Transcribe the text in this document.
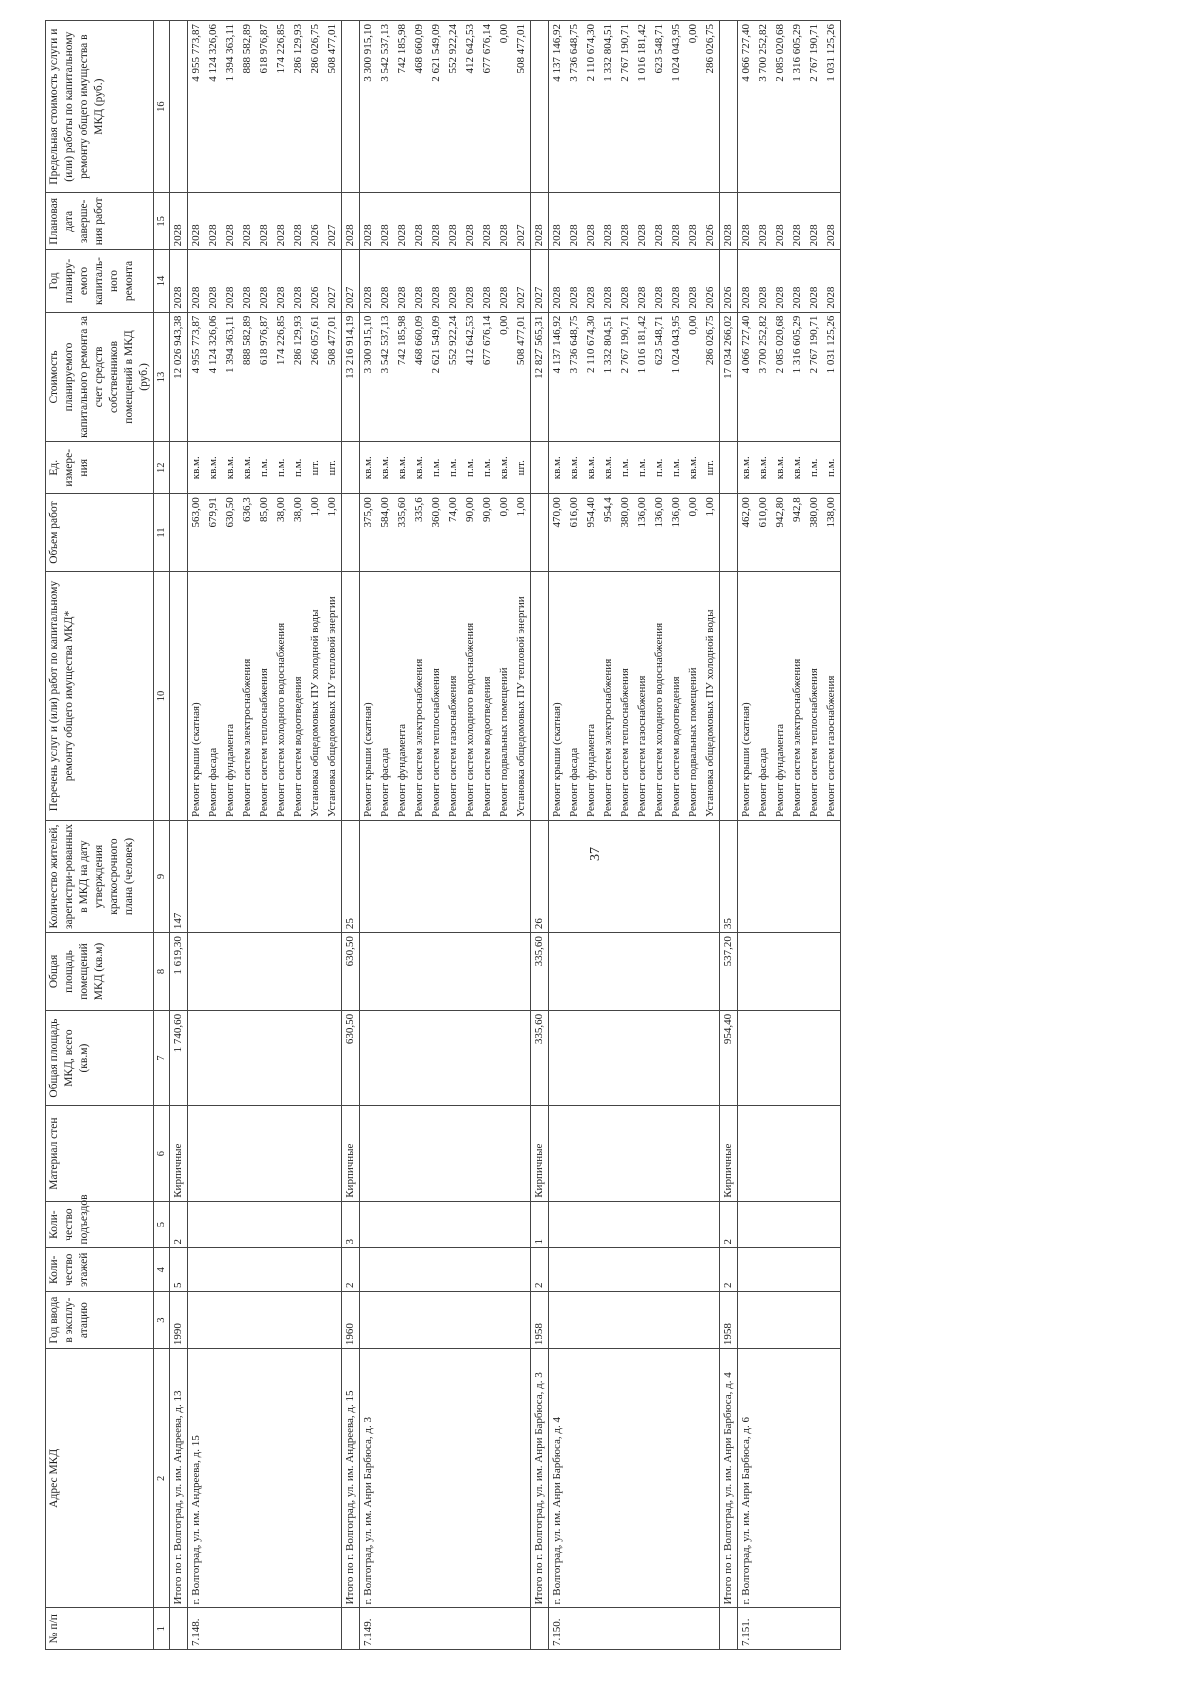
37
№ п/п	Адрес МКД	Год ввода в эксплу-атацию	Коли-чество этажей	Коли-чество подъездов	Материал стен	Общая площадь МКД, всего (кв.м)	Общая площадь помещений МКД (кв.м)	Количество жителей, зарегистри-рованных в МКД на дату утверждения краткосрочного плана (человек)	Перечень услуг и (или) работ по капитальному ремонту общего имущества МКД*	Объем работ	Ед. измере-ния	Стоимость планируемого капитального ремонта за счет средств собственников помещений в МКД (руб.)	Год планиру-емого капиталь-ного ремонта	Плановая дата заверше-ния работ	Предельная стоимость услуги и (или) работы по капитальному ремонту общего имущества в МКД (руб.)
1	2	3	4	5	6	7	8	9	10	11	12	13	14	15	16
	Итого по г. Волгоград, ул. им. Андреева, д. 13	1990	5	2	Кирпичные	1 740,60	1 619,30	147				12 026 943,38	2028	2028	
7.148.	г. Волгоград, ул. им. Андреева, д. 15								Ремонт крыши (скатная)	563,00	кв.м.	4 955 773,87	2028	2028	4 955 773,87
									Ремонт фасада	679,91	кв.м.	4 124 326,06	2028	2028	4 124 326,06
									Ремонт фундамента	630,50	кв.м.	1 394 363,11	2028	2028	1 394 363,11
									Ремонт систем электроснабжения	636,3	кв.м.	888 582,89	2028	2028	888 582,89
									Ремонт систем теплоснабжения	85,00	п.м.	618 976,87	2028	2028	618 976,87
									Ремонт систем холодного водоснабжения	38,00	п.м.	174 226,85	2028	2028	174 226,85
									Ремонт систем водоотведения	38,00	п.м.	286 129,93	2028	2028	286 129,93
									Установка общедомовых ПУ холодной воды	1,00	шт.	266 057,61	2026	2026	286 026,75
									Установка общедомовых ПУ тепловой энергии	1,00	шт.	508 477,01	2027	2027	508 477,01
	Итого по г. Волгоград, ул. им. Андреева, д. 15	1960	2	3	Кирпичные	630,50	630,50	25				13 216 914,19	2027	2028	
7.149.	г. Волгоград, ул. им. Анри Барбюса, д. 3								Ремонт крыши (скатная)	375,00	кв.м.	3 300 915,10	2028	2028	3 300 915,10
									Ремонт фасада	584,00	кв.м.	3 542 537,13	2028	2028	3 542 537,13
									Ремонт фундамента	335,60	кв.м.	742 185,98	2028	2028	742 185,98
									Ремонт систем электроснабжения	335,6	кв.м.	468 660,09	2028	2028	468 660,09
									Ремонт систем теплоснабжения	360,00	п.м.	2 621 549,09	2028	2028	2 621 549,09
									Ремонт систем газоснабжения	74,00	п.м.	552 922,24	2028	2028	552 922,24
									Ремонт систем холодного водоснабжения	90,00	п.м.	412 642,53	2028	2028	412 642,53
									Ремонт систем водоотведения	90,00	п.м.	677 676,14	2028	2028	677 676,14
									Ремонт подвальных помещений	0,00	кв.м.	0,00	2028	2028	0,00
									Установка общедомовых ПУ тепловой энергии	1,00	шт.	508 477,01	2027	2027	508 477,01
	Итого по г. Волгоград, ул. им. Анри Барбюса, д. 3	1958	2	1	Кирпичные	335,60	335,60	26				12 827 565,31	2027	2028	
7.150.	г. Волгоград, ул. им. Анри Барбюса, д. 4								Ремонт крыши (скатная)	470,00	кв.м.	4 137 146,92	2028	2028	4 137 146,92
									Ремонт фасада	616,00	кв.м.	3 736 648,75	2028	2028	3 736 648,75
									Ремонт фундамента	954,40	кв.м.	2 110 674,30	2028	2028	2 110 674,30
									Ремонт систем электроснабжения	954,4	кв.м.	1 332 804,51	2028	2028	1 332 804,51
									Ремонт систем теплоснабжения	380,00	п.м.	2 767 190,71	2028	2028	2 767 190,71
									Ремонт систем газоснабжения	136,00	п.м.	1 016 181,42	2028	2028	1 016 181,42
									Ремонт систем холодного водоснабжения	136,00	п.м.	623 548,71	2028	2028	623 548,71
									Ремонт систем водоотведения	136,00	п.м.	1 024 043,95	2028	2028	1 024 043,95
									Ремонт подвальных помещений	0,00	кв.м.	0,00	2028	2028	0,00
									Установка общедомовых ПУ холодной воды	1,00	шт.	286 026,75	2026	2026	286 026,75
	Итого по г. Волгоград, ул. им. Анри Барбюса, д. 4	1958	2	2	Кирпичные	954,40	537,20	35				17 034 266,02	2026	2028	
7.151.	г. Волгоград, ул. им. Анри Барбюса, д. 6								Ремонт крыши (скатная)	462,00	кв.м.	4 066 727,40	2028	2028	4 066 727,40
									Ремонт фасада	610,00	кв.м.	3 700 252,82	2028	2028	3 700 252,82
									Ремонт фундамента	942,80	кв.м.	2 085 020,68	2028	2028	2 085 020,68
									Ремонт систем электроснабжения	942,8	кв.м.	1 316 605,29	2028	2028	1 316 605,29
									Ремонт систем теплоснабжения	380,00	п.м.	2 767 190,71	2028	2028	2 767 190,71
									Ремонт систем газоснабжения	138,00	п.м.	1 031 125,26	2028	2028	1 031 125,26
